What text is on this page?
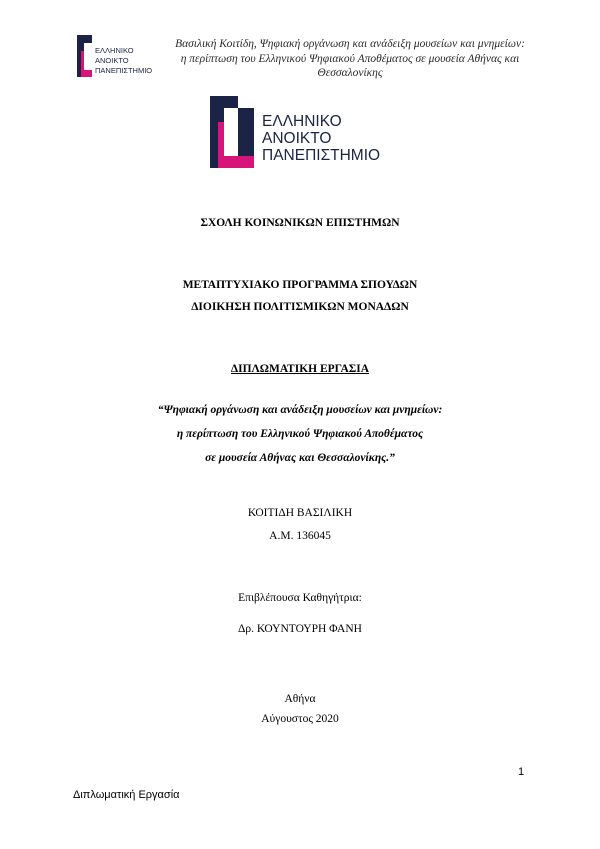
ΕΛΛΗΝΙΚΟ
ΑΝΟΙΚΤΟ
ΠΑΝΕΠΙΣΤΗΜΙΟ
Βασιλική Κοιτίδη, Ψηφιακή οργάνωση και ανάδειξη μουσείων και μνημείων:
η περίπτωση του Ελληνικού Ψηφιακού Αποθέματος σε μουσεία Αθήνας και
Θεσσαλονίκης
ΕΛΛΗΝΙΚΟ
ΑΝΟΙΚΤΟ
ΠΑΝΕΠΙΣΤΗΜΙΟ
ΣΧΟΛΗ ΚΟΙΝΩΝΙΚΩΝ ΕΠΙΣΤΗΜΩΝ
ΜΕΤΑΠΤΥΧΙΑΚΟ ΠΡΟΓΡΑΜΜΑ ΣΠΟΥΔΩΝ
ΔΙΟΙΚΗΣΗ ΠΟΛΙΤΙΣΜΙΚΩΝ ΜΟΝΑΔΩΝ
ΔΙΠΛΩΜΑΤΙΚΗ ΕΡΓΑΣΙΑ
“Ψηφιακή οργάνωση και ανάδειξη μουσείων και μνημείων:
η περίπτωση του Ελληνικού Ψηφιακού Αποθέματος
σε μουσεία Αθήνας και Θεσσαλονίκης.”
ΚΟΙΤΙΔΗ ΒΑΣΙΛΙΚΗ
Α.Μ. 136045
Επιβλέπουσα Καθηγήτρια:
Δρ. ΚΟΥΝΤΟΥΡΗ ΦΑΝΗ
Αθήνα
Αύγουστος 2020
1
Διπλωματική Εργασία
